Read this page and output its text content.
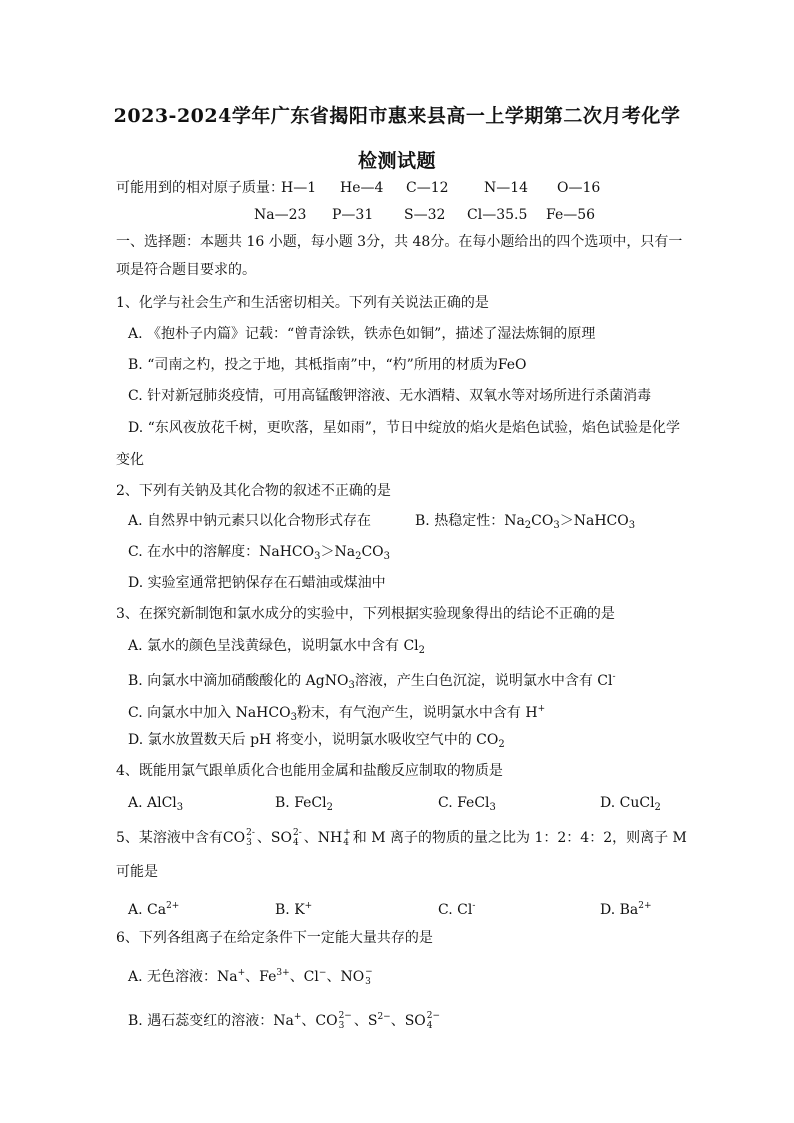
2023-2024学年广东省揭阳市惠来县高一上学期第二次月考化学
检测试题
可能用到的相对原子质量：
H—1 He—4 C—12	N—14 O—16
Na—23 P—31 S—32 Cl—35.5 Fe—56
一、选择题：本题共 16 小题，每小题 3分，共 48分。在每小题给出的四个选项中，只有一
项是符合题目要求的。
1、化学与社会生产和生活密切相关。下列有关说法正确的是
A. 《抱朴子内篇》记载：“曾青涂铁，铁赤色如铜”，描述了湿法炼铜的原理
B. “司南之杓，投之于地，其柢指南”中，“杓”所用的材质为FeO
C. 针对新冠肺炎疫情，可用高锰酸钾溶液、无水酒精、双氧水等对场所进行杀菌消毒
D. “东风夜放花千树，更吹落，星如雨”，节日中绽放的焰火是焰色试验，焰色试验是化学
变化
2、下列有关钠及其化合物的叙述不正确的是
A. 自然界中钠元素只以化合物形式存在	B. 热稳定性：$Na_2CO_3>NaHCO_3$
C. 在水中的溶解度：$NaHCO_3>Na_2CO_3$
D. 实验室通常把钠保存在石蜡油或煤油中
3、在探究新制饱和氯水成分的实验中，下列根据实验现象得出的结论不正确的是
A. 氯水的颜色呈浅黄绿色，说明氯水中含有 $Cl_2$
B. 向氯水中滴加硝酸酸化的 AgNO$_3$溶液，产生白色沉淀，说明氯水中含有 Cl-
C. 向氯水中加入 NaHCO$_3$粉末，有气泡产生，说明氯水中含有 H+
D. 氯水放置数天后 pH 将变小，说明氯水吸收空气中的 $CO_2$
4、既能用氯气跟单质化合也能用金属和盐酸反应制取的物质是
A. AlCl$_3$	B. FeCl$_2$	C. FeCl$_3$	D. CuCl$_2$
5、某溶液中含有CO 2-
3 、SO 2-
4 、NH +
4 和 M 离子的物质的量之比为 1：2：4：2，则离子 M
可能是
A. $Ca^{2+}$	B. K+	C. Cl-	D. $Ba^{2+}$
6、下列各组离子在给定条件下一定能大量共存的是
A. 无色溶液：Na+、$Fe^{3+}$、Cl−、NO −
3
B. 遇石蕊变红的溶液：Na+、CO 2−
3 、$S^{2-}$、SO 2−
4
